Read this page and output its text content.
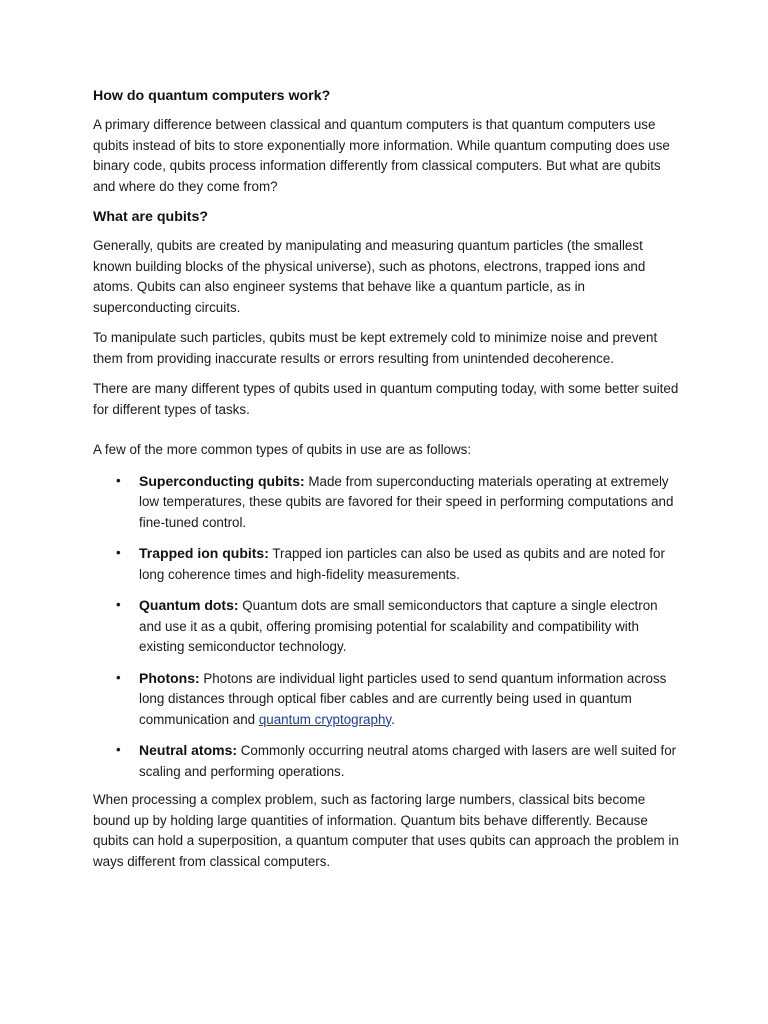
How do quantum computers work?

A primary difference between classical and quantum computers is that quantum computers use qubits instead of bits to store exponentially more information. While quantum computing does use binary code, qubits process information differently from classical computers. But what are qubits and where do they come from?

What are qubits?

Generally, qubits are created by manipulating and measuring quantum particles (the smallest known building blocks of the physical universe), such as photons, electrons, trapped ions and atoms. Qubits can also engineer systems that behave like a quantum particle, as in superconducting circuits.

To manipulate such particles, qubits must be kept extremely cold to minimize noise and prevent them from providing inaccurate results or errors resulting from unintended decoherence.

There are many different types of qubits used in quantum computing today, with some better suited for different types of tasks.

A few of the more common types of qubits in use are as follows:

• Superconducting qubits: Made from superconducting materials operating at extremely low temperatures, these qubits are favored for their speed in performing computations and fine-tuned control.
• Trapped ion qubits: Trapped ion particles can also be used as qubits and are noted for long coherence times and high-fidelity measurements.
• Quantum dots: Quantum dots are small semiconductors that capture a single electron and use it as a qubit, offering promising potential for scalability and compatibility with existing semiconductor technology.
• Photons: Photons are individual light particles used to send quantum information across long distances through optical fiber cables and are currently being used in quantum communication and quantum cryptography.
• Neutral atoms: Commonly occurring neutral atoms charged with lasers are well suited for scaling and performing operations.

When processing a complex problem, such as factoring large numbers, classical bits become bound up by holding large quantities of information. Quantum bits behave differently. Because qubits can hold a superposition, a quantum computer that uses qubits can approach the problem in ways different from classical computers.
